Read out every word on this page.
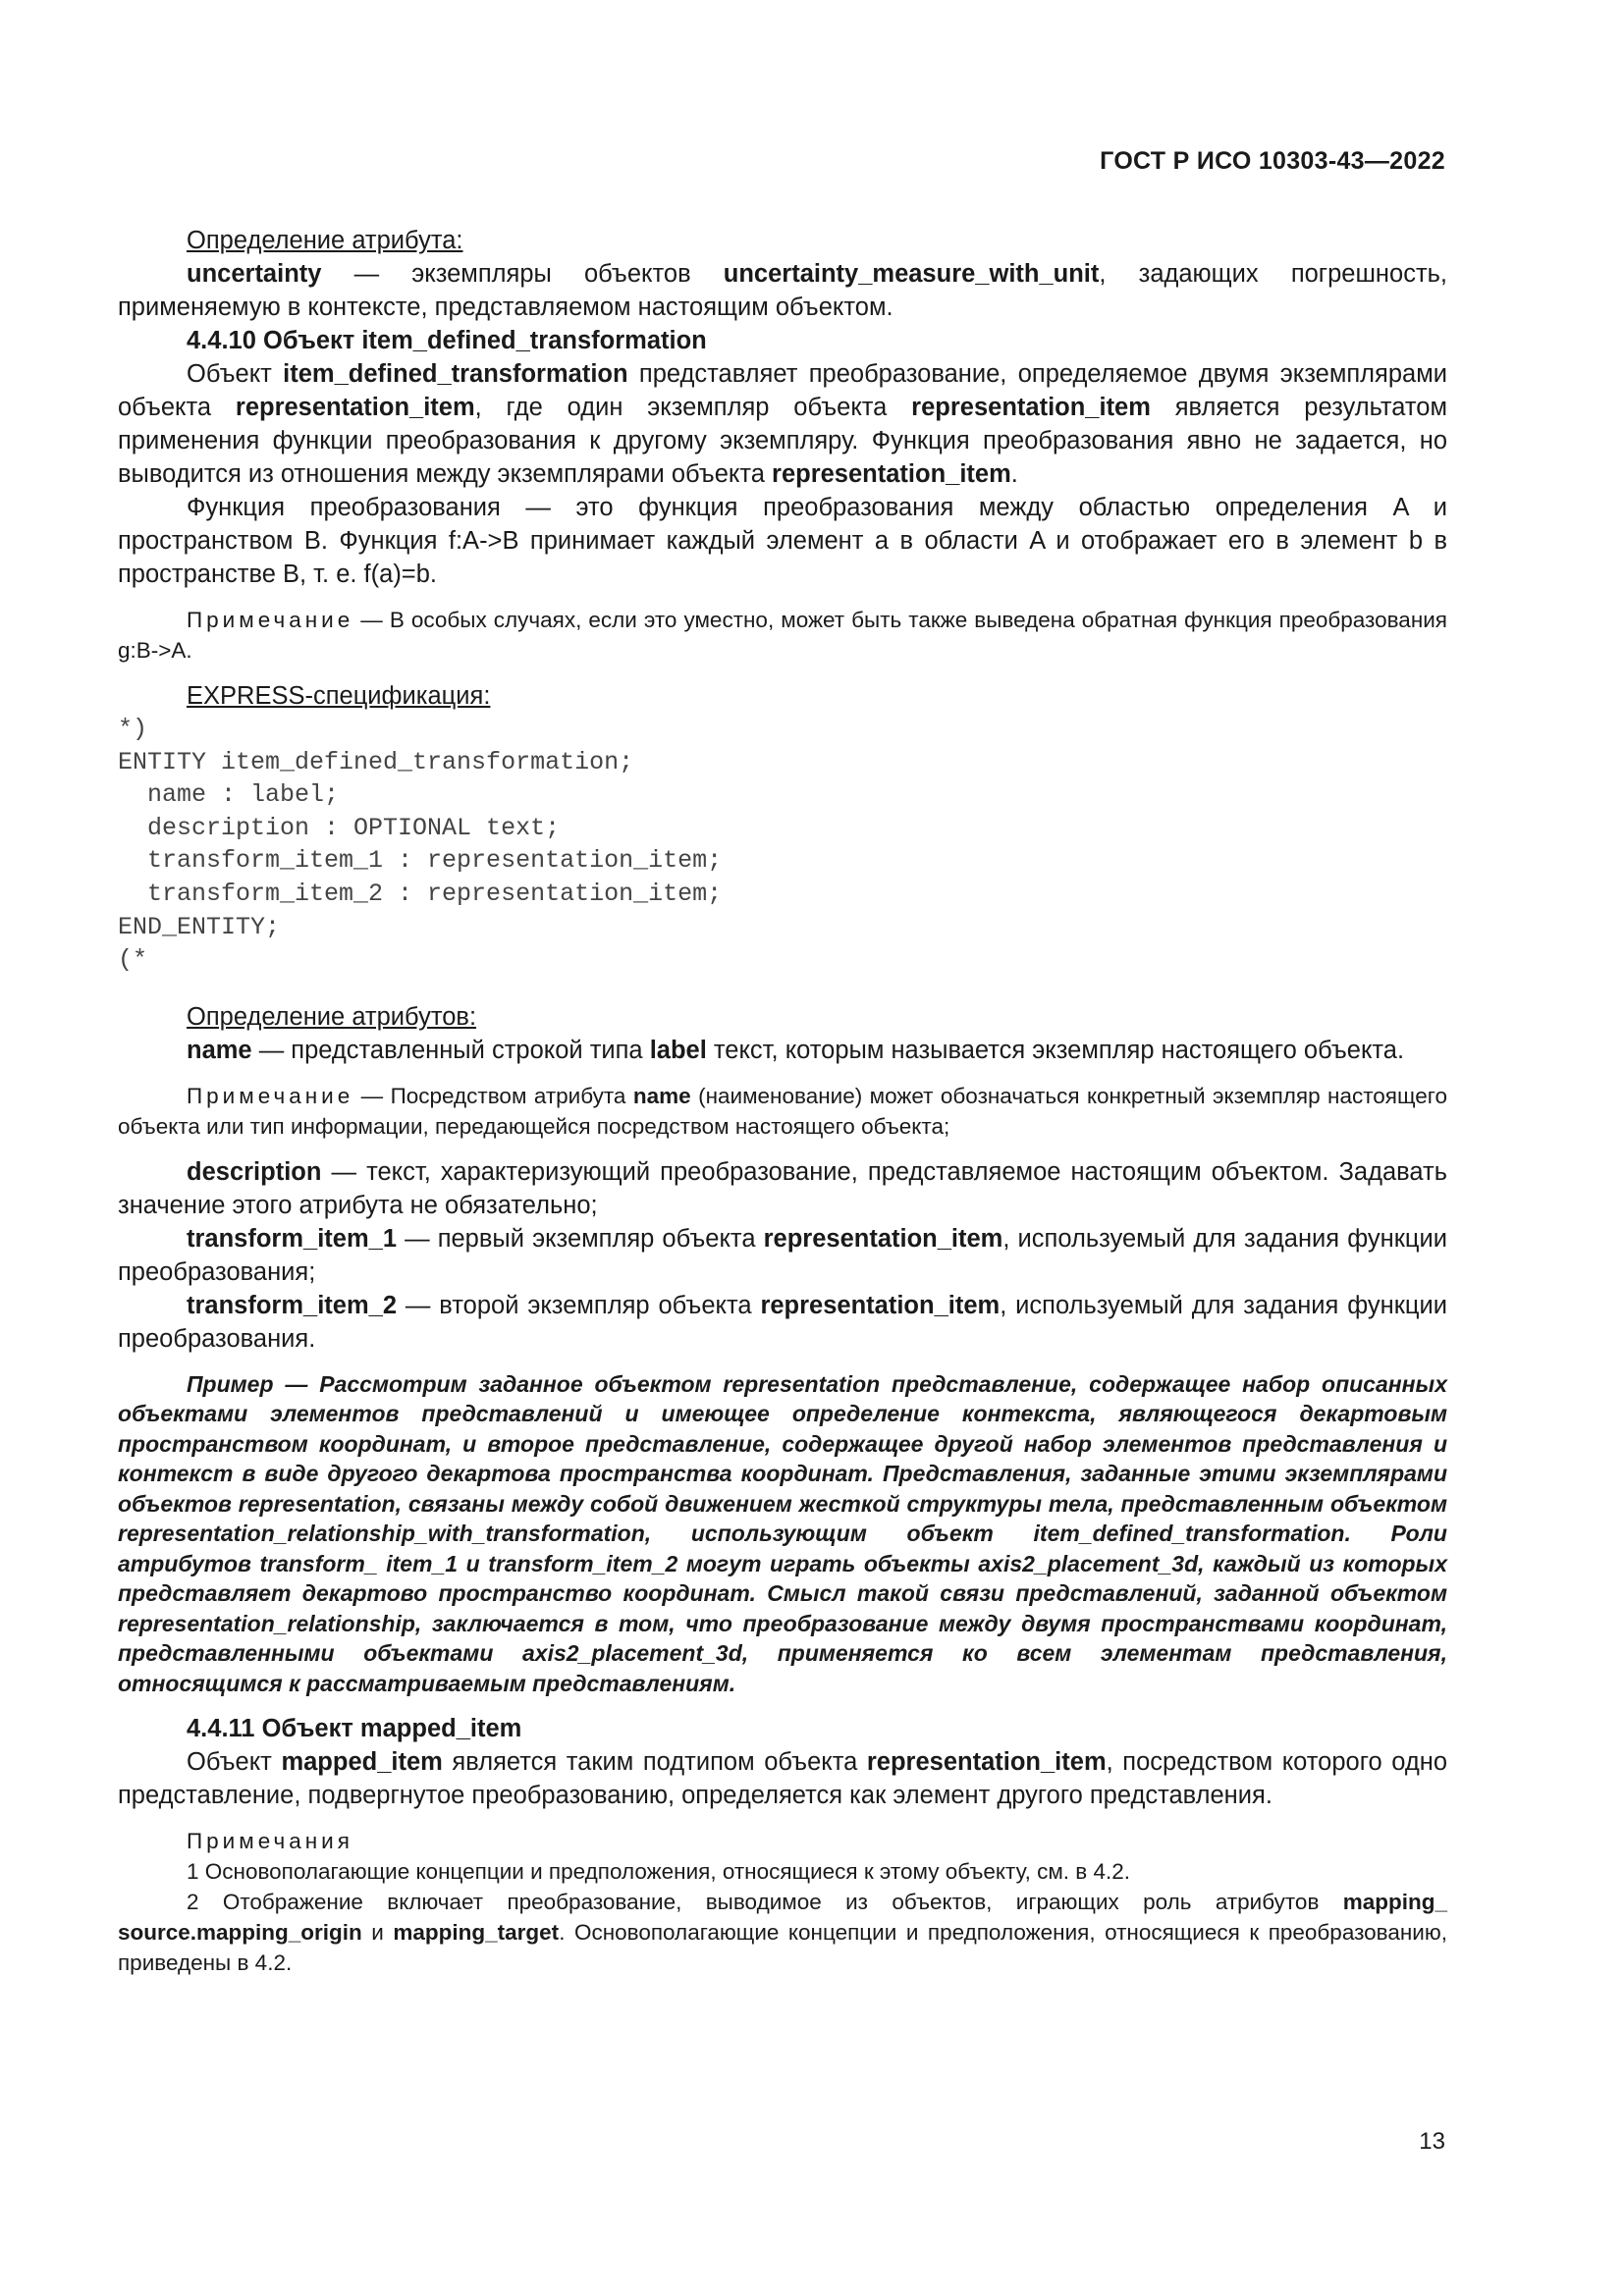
ГОСТ Р ИСО 10303-43—2022

Определение атрибута:

uncertainty — экземпляры объектов uncertainty_measure_with_unit, задающих погрешность, применяемую в контексте, представляемом настоящим объектом.

4.4.10 Объект item_defined_transformation

Объект item_defined_transformation представляет преобразование, определяемое двумя экземплярами объекта representation_item, где один экземпляр объекта representation_item является результатом применения функции преобразования к другому экземпляру. Функция преобразования явно не задается, но выводится из отношения между экземплярами объекта representation_item.

Функция преобразования — это функция преобразования между областью определения A и пространством B. Функция f:A->B принимает каждый элемент a в области A и отображает его в элемент b в пространстве B, т. е. f(a)=b.

Примечание — В особых случаях, если это уместно, может быть также выведена обратная функция преобразования g:B->A.

EXPRESS-спецификация:

*)
ENTITY item_defined_transformation;
name : label;
description : OPTIONAL text;
transform_item_1 : representation_item;
transform_item_2 : representation_item;
END_ENTITY;
(*

Определение атрибутов:

name — представленный строкой типа label текст, которым называется экземпляр настоящего объекта.

Примечание — Посредством атрибута name (наименование) может обозначаться конкретный экземпляр настоящего объекта или тип информации, передающейся посредством настоящего объекта;

description — текст, характеризующий преобразование, представляемое настоящим объектом. Задавать значение этого атрибута не обязательно;

transform_item_1 — первый экземпляр объекта representation_item, используемый для задания функции преобразования;

transform_item_2 — второй экземпляр объекта representation_item, используемый для задания функции преобразования.

Пример — Рассмотрим заданное объектом representation представление, содержащее набор описанных объектами элементов представлений и имеющее определение контекста, являющегося декартовым пространством координат, и второе представление, содержащее другой набор элементов представления и контекст в виде другого декартова пространства координат. Представления, заданные этими экземплярами объектов representation, связаны между собой движением жесткой структуры тела, представленным объектом representation_relationship_with_transformation, использующим объект item_defined_transformation. Роли атрибутов transform_ item_1 и transform_item_2 могут играть объекты axis2_placement_3d, каждый из которых представляет декартово пространство координат. Смысл такой связи представлений, заданной объектом representation_relationship, заключается в том, что преобразование между двумя пространствами координат, представленными объектами axis2_placement_3d, применяется ко всем элементам представления, относящимся к рассматриваемым представлениям.

4.4.11 Объект mapped_item

Объект mapped_item является таким подтипом объекта representation_item, посредством которого одно представление, подвергнутое преобразованию, определяется как элемент другого представления.

Примечания

1 Основополагающие концепции и предположения, относящиеся к этому объекту, см. в 4.2.

2 Отображение включает преобразование, выводимое из объектов, играющих роль атрибутов mapping_ source.mapping_origin и mapping_target. Основополагающие концепции и предположения, относящиеся к преобразованию, приведены в 4.2.

13
